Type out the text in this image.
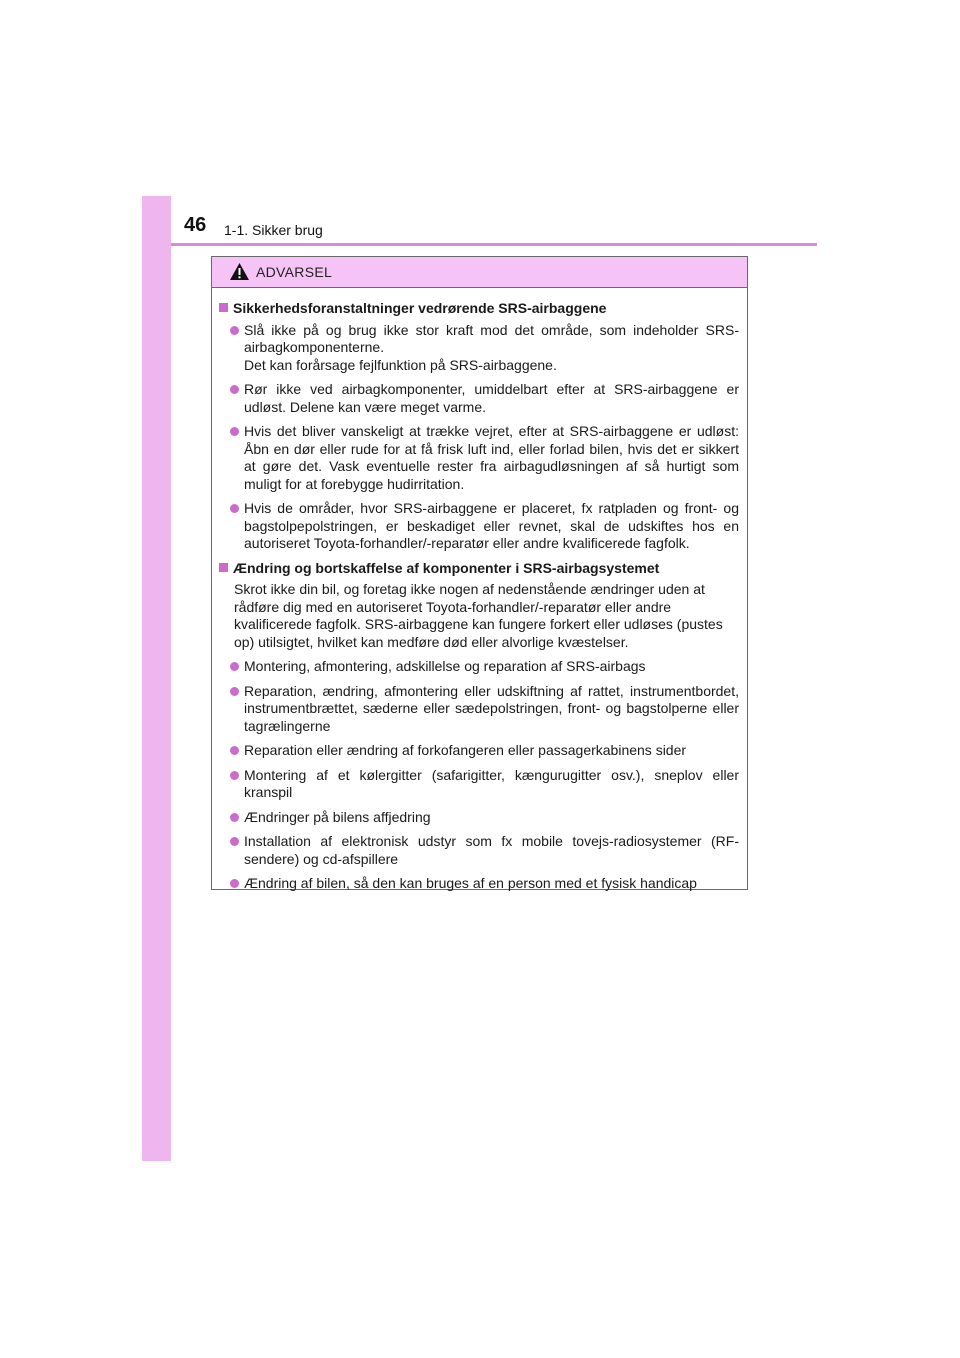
46 1-1. Sikker brug
ADVARSEL
Sikkerhedsforanstaltninger vedrørende SRS-airbaggene
Slå ikke på og brug ikke stor kraft mod det område, som indeholder SRS-airbagkomponenterne.
Det kan forårsage fejlfunktion på SRS-airbaggene.
Rør ikke ved airbagkomponenter, umiddelbart efter at SRS-airbaggene er udløst. Delene kan være meget varme.
Hvis det bliver vanskeligt at trække vejret, efter at SRS-airbaggene er udløst: Åbn en dør eller rude for at få frisk luft ind, eller forlad bilen, hvis det er sikkert at gøre det. Vask eventuelle rester fra airbagudløsningen af så hurtigt som muligt for at forebygge hudirritation.
Hvis de områder, hvor SRS-airbaggene er placeret, fx ratpladen og front- og bagstolpepolstringen, er beskadiget eller revnet, skal de udskiftes hos en autoriseret Toyota-forhandler/-reparatør eller andre kvalificerede fagfolk.
Ændring og bortskaffelse af komponenter i SRS-airbagsystemet
Skrot ikke din bil, og foretag ikke nogen af nedenstående ændringer uden at rådføre dig med en autoriseret Toyota-forhandler/-reparatør eller andre kvalificerede fagfolk. SRS-airbaggene kan fungere forkert eller udløses (pustes op) utilsigtet, hvilket kan medføre død eller alvorlige kvæstelser.
Montering, afmontering, adskillelse og reparation af SRS-airbags
Reparation, ændring, afmontering eller udskiftning af rattet, instrumentbordet, instrumentbrættet, sæderne eller sædepolstringen, front- og bagstolperne eller tagrælingerne
Reparation eller ændring af forkofangeren eller passagerkabinens sider
Montering af et kølergitter (safarigitter, kængurugitter osv.), sneplov eller kranspil
Ændringer på bilens affjedring
Installation af elektronisk udstyr som fx mobile tovejs-radiosystemer (RF-sendere) og cd-afspillere
Ændring af bilen, så den kan bruges af en person med et fysisk handicap
